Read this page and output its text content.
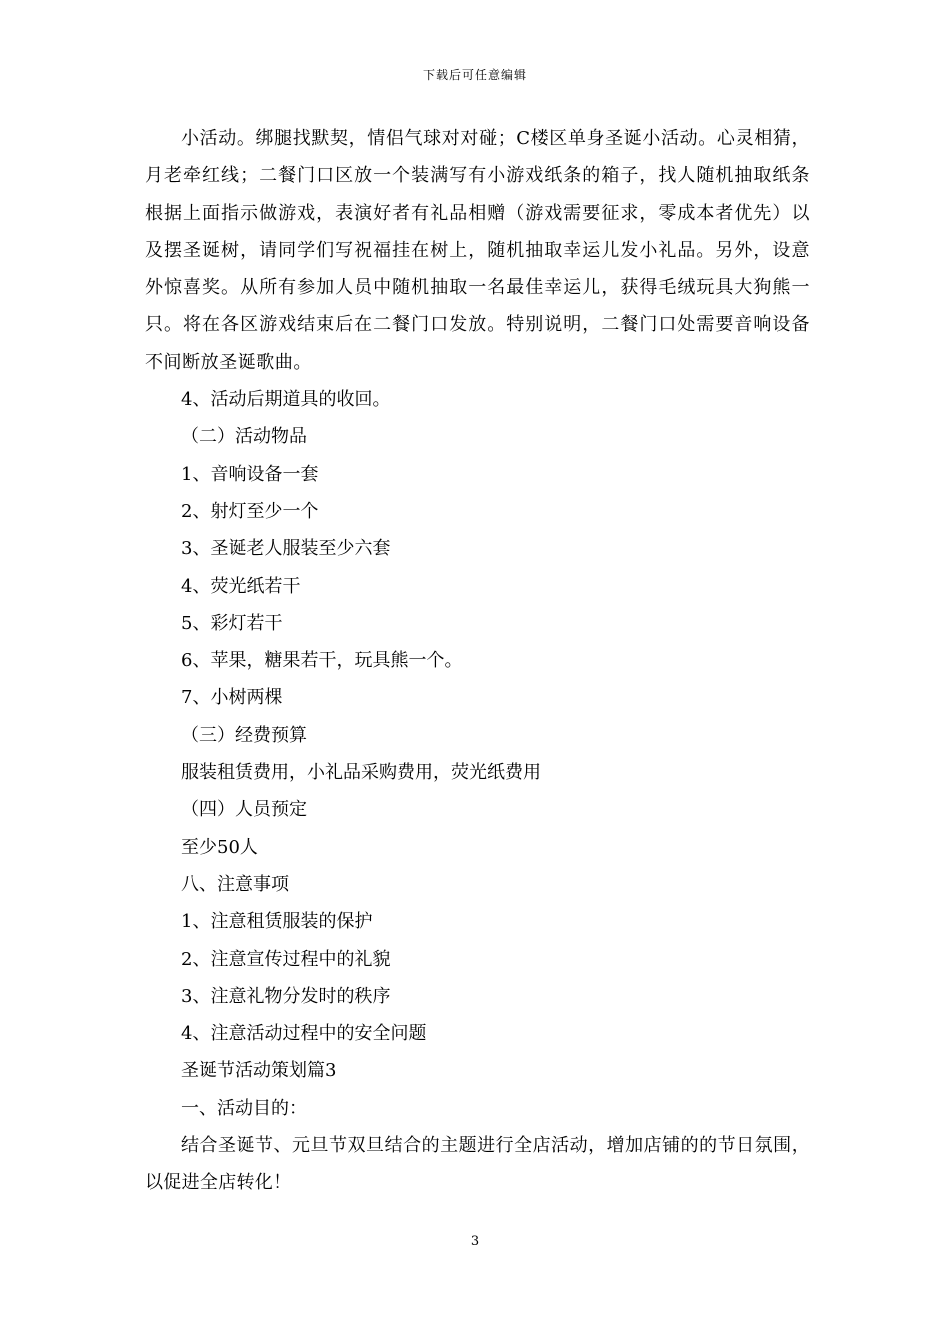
下载后可任意编辑

小活动。绑腿找默契，情侣气球对对碰；C楼区单身圣诞小活动。心灵相猜，月老牵红线；二餐门口区放一个装满写有小游戏纸条的箱子，找人随机抽取纸条根据上面指示做游戏，表演好者有礼品相赠（游戏需要征求，零成本者优先）以及摆圣诞树，请同学们写祝福挂在树上，随机抽取幸运儿发小礼品。另外，设意外惊喜奖。从所有参加人员中随机抽取一名最佳幸运儿，获得毛绒玩具大狗熊一只。将在各区游戏结束后在二餐门口发放。特别说明，二餐门口处需要音响设备不间断放圣诞歌曲。

4、活动后期道具的收回。

（二）活动物品

1、音响设备一套

2、射灯至少一个

3、圣诞老人服装至少六套

4、荧光纸若干

5、彩灯若干

6、苹果，糖果若干，玩具熊一个。

7、小树两棵

（三）经费预算

服装租赁费用，小礼品采购费用，荧光纸费用

（四）人员预定

至少50人

八、注意事项

1、注意租赁服装的保护

2、注意宣传过程中的礼貌

3、注意礼物分发时的秩序

4、注意活动过程中的安全问题

圣诞节活动策划篇3

一、活动目的：

结合圣诞节、元旦节双旦结合的主题进行全店活动，增加店铺的的节日氛围，以促进全店转化！

3
